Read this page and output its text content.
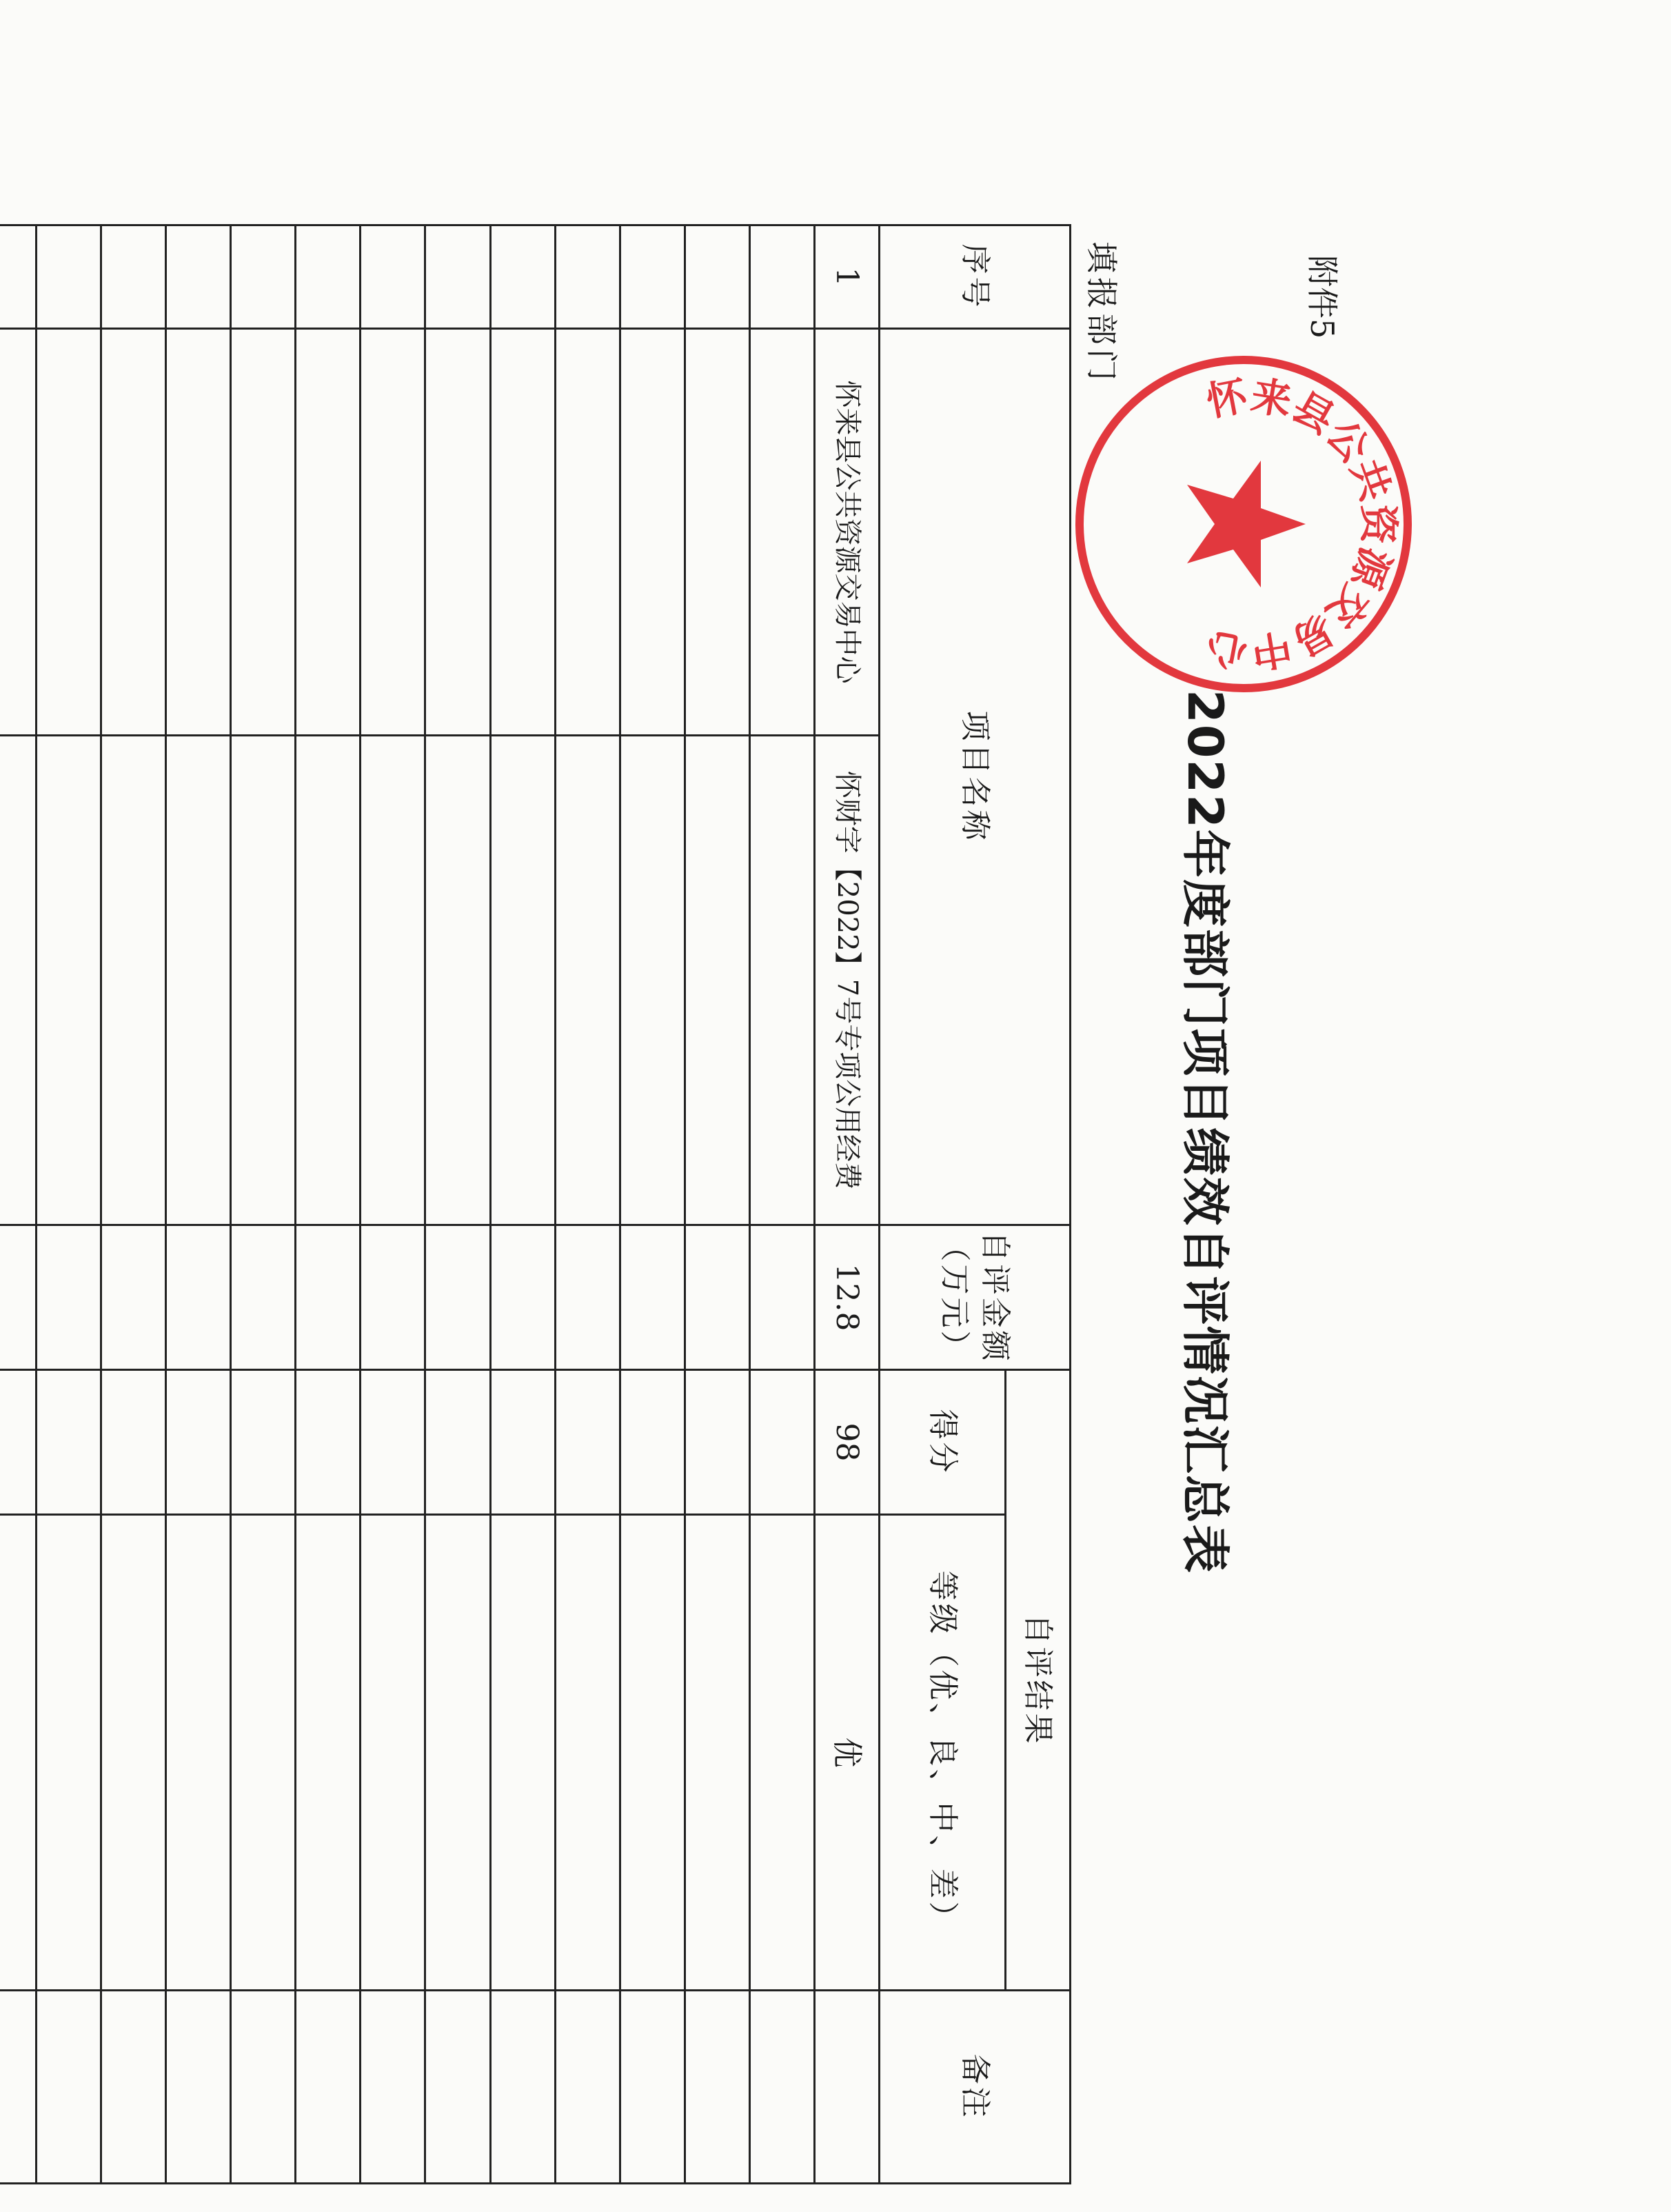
附件5
2022年度部门项目绩效自评情况汇总表
填报部门
序号	项目名称		自评金额（万元）	自评结果		备注
				得分	等级（优、良、中、差）	
1	怀来县公共资源交易中心	怀财字【2022】7号专项公用经费	12.8	98	优	

怀来县公共资源交易中心
